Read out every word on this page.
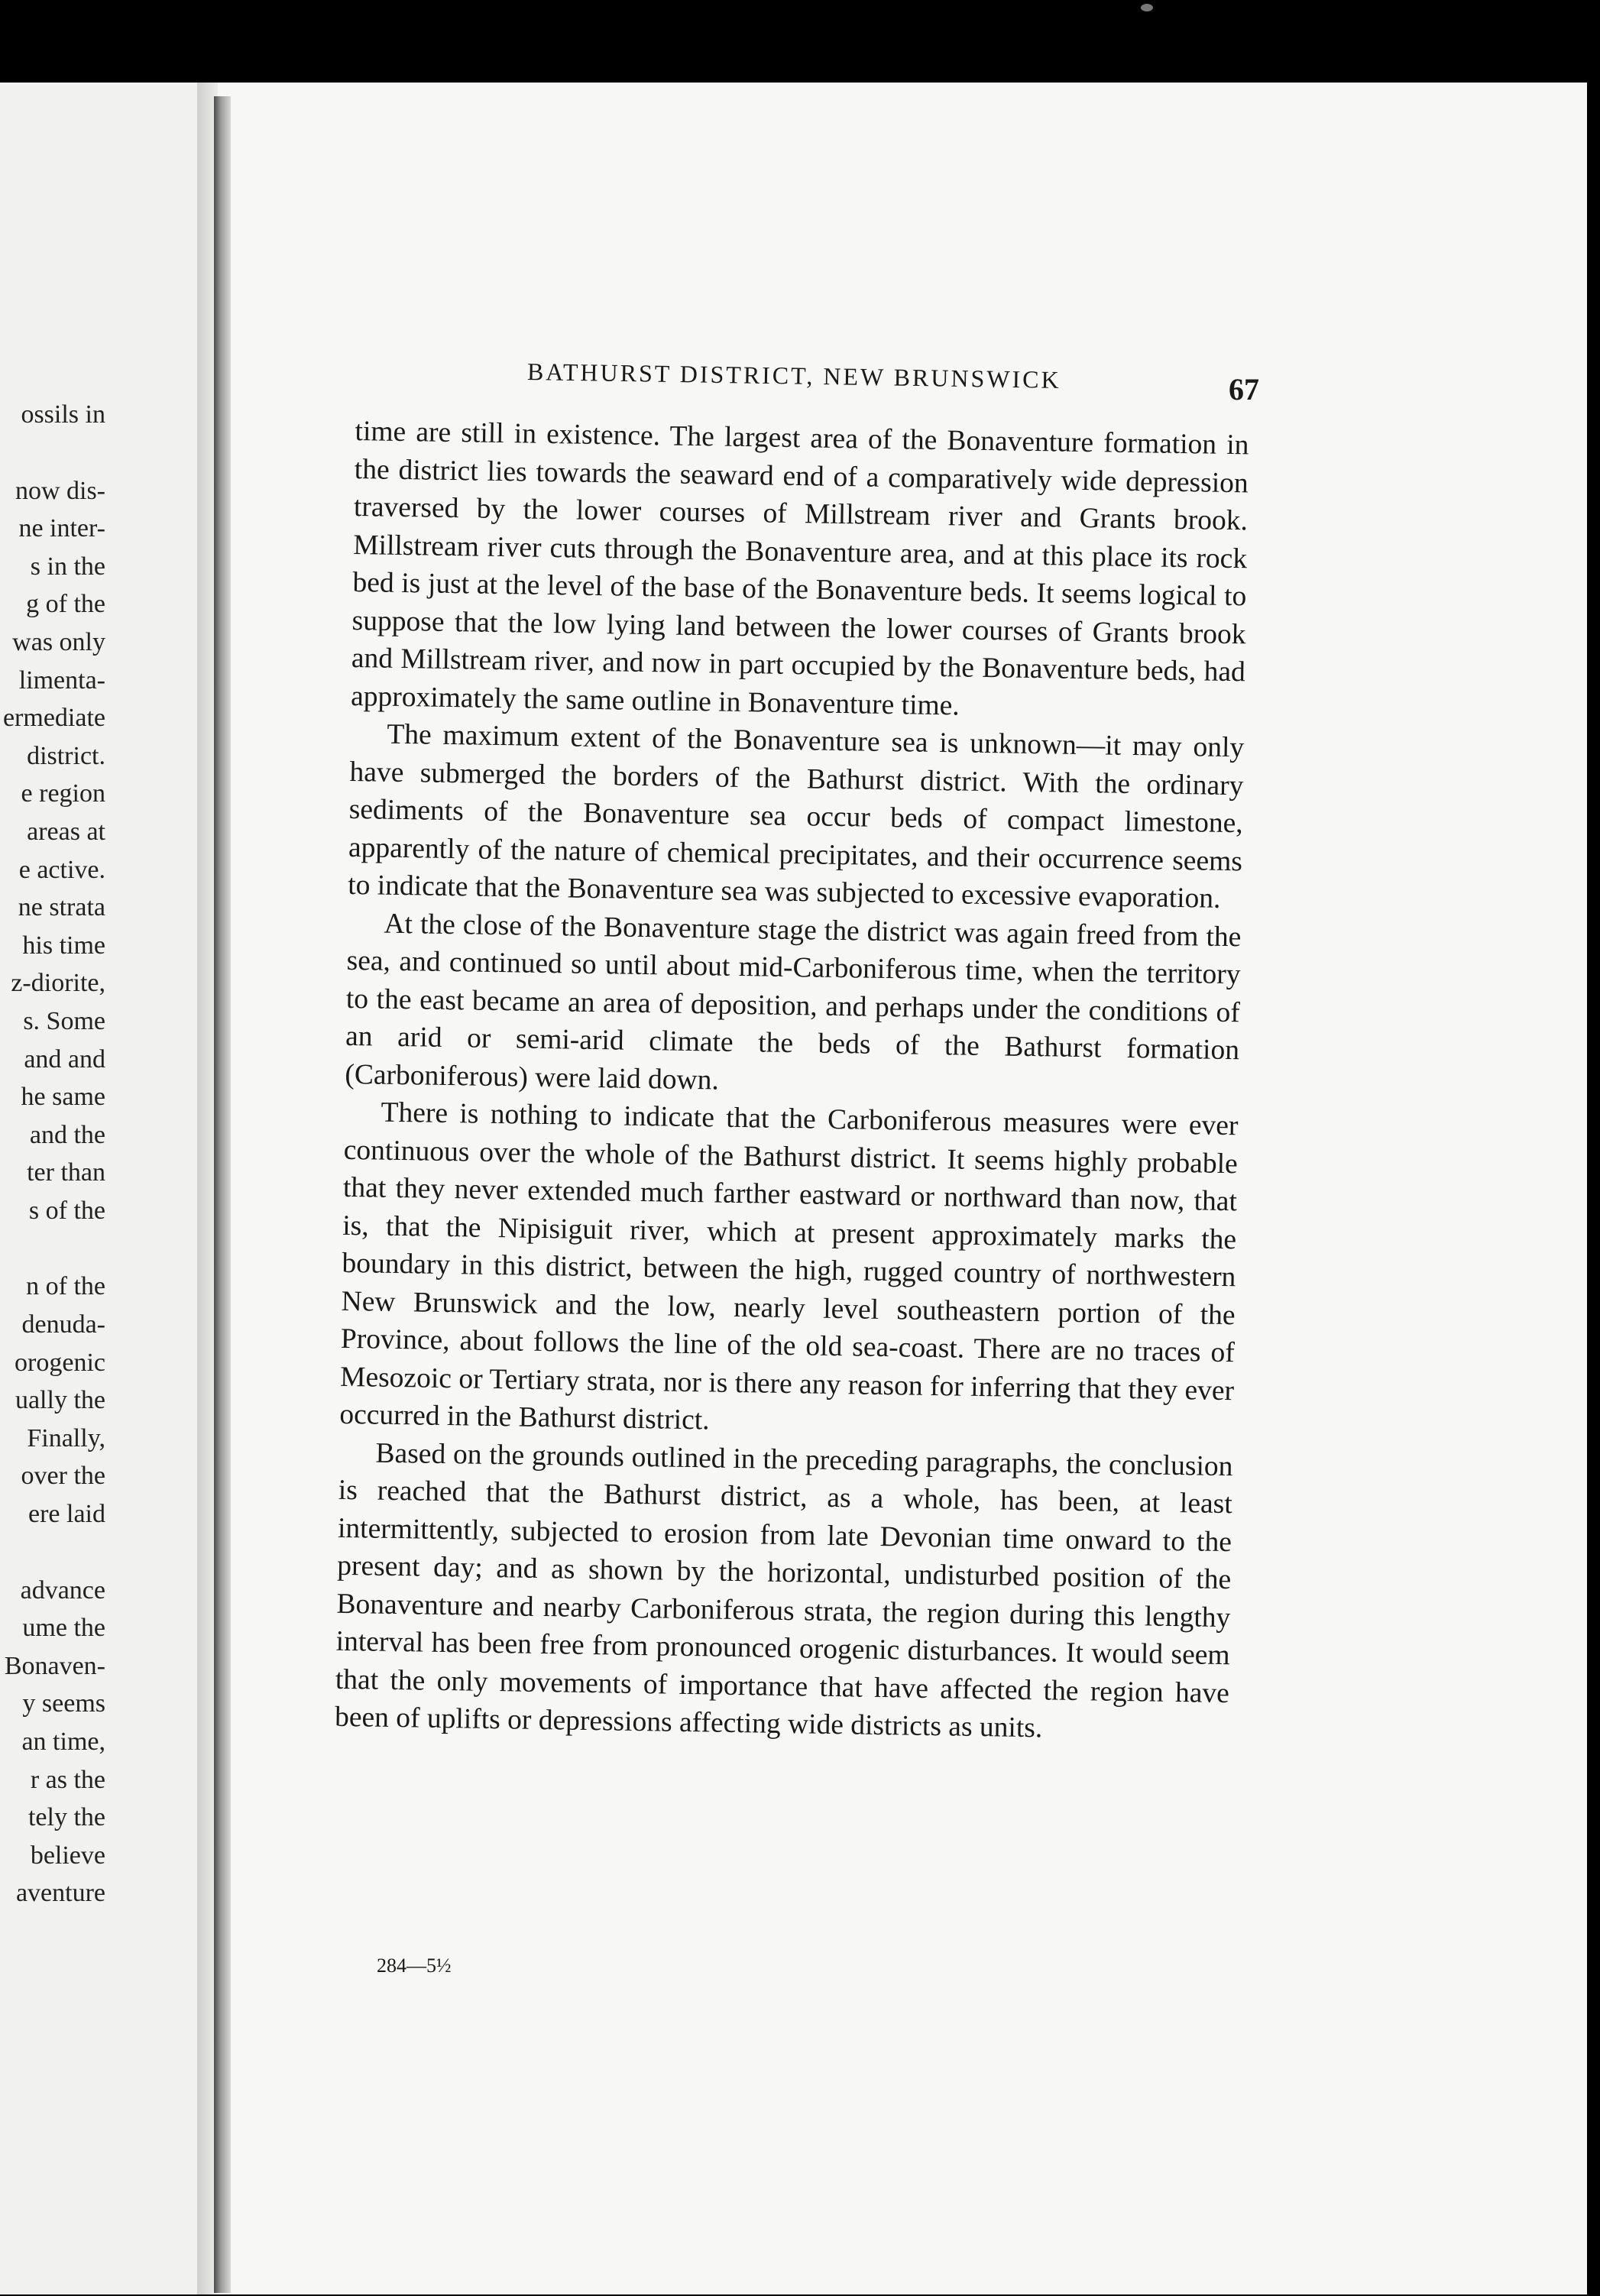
ossils in
now dis-
ne inter-
s in the
g of the
was only
limenta-
ermediate
district.
e region
areas at
e active.
ne strata
his time
z-diorite,
s. Some
and and
he same
and the
ter than
s of the
n of the
denuda-
orogenic
ually the
Finally,
over the
ere laid
advance
ume the
Bonaven-
y seems
an time,
r as the
tely the
believe
aventure
BATHURST DISTRICT, NEW BRUNSWICK	67

time are still in existence. The largest area of the Bonaventure formation in the district lies towards the seaward end of a comparatively wide depression traversed by the lower courses of Millstream river and Grants brook. Millstream river cuts through the Bonaventure area, and at this place its rock bed is just at the level of the base of the Bonaventure beds. It seems logical to suppose that the low lying land between the lower courses of Grants brook and Millstream river, and now in part occupied by the Bonaventure beds, had approximately the same outline in Bonaventure time.

The maximum extent of the Bonaventure sea is unknown—it may only have submerged the borders of the Bathurst district. With the ordinary sediments of the Bonaventure sea occur beds of compact limestone, apparently of the nature of chemical precipitates, and their occurrence seems to indicate that the Bonaventure sea was subjected to excessive evaporation.

At the close of the Bonaventure stage the district was again freed from the sea, and continued so until about mid-Carboniferous time, when the territory to the east became an area of deposition, and perhaps under the conditions of an arid or semi-arid climate the beds of the Bathurst formation (Carboniferous) were laid down.

There is nothing to indicate that the Carboniferous measures were ever continuous over the whole of the Bathurst district. It seems highly probable that they never extended much farther eastward or northward than now, that is, that the Nipisiguit river, which at present approximately marks the boundary in this district, between the high, rugged country of northwestern New Brunswick and the low, nearly level southeastern portion of the Province, about follows the line of the old sea-coast. There are no traces of Mesozoic or Tertiary strata, nor is there any reason for inferring that they ever occurred in the Bathurst district.

Based on the grounds outlined in the preceding paragraphs, the conclusion is reached that the Bathurst district, as a whole, has been, at least intermittently, subjected to erosion from late Devonian time onward to the present day; and as shown by the horizontal, undisturbed position of the Bonaventure and nearby Carboniferous strata, the region during this lengthy interval has been free from pronounced orogenic disturbances. It would seem that the only movements of importance that have affected the region have been of uplifts or depressions affecting wide districts as units.

284—5½
